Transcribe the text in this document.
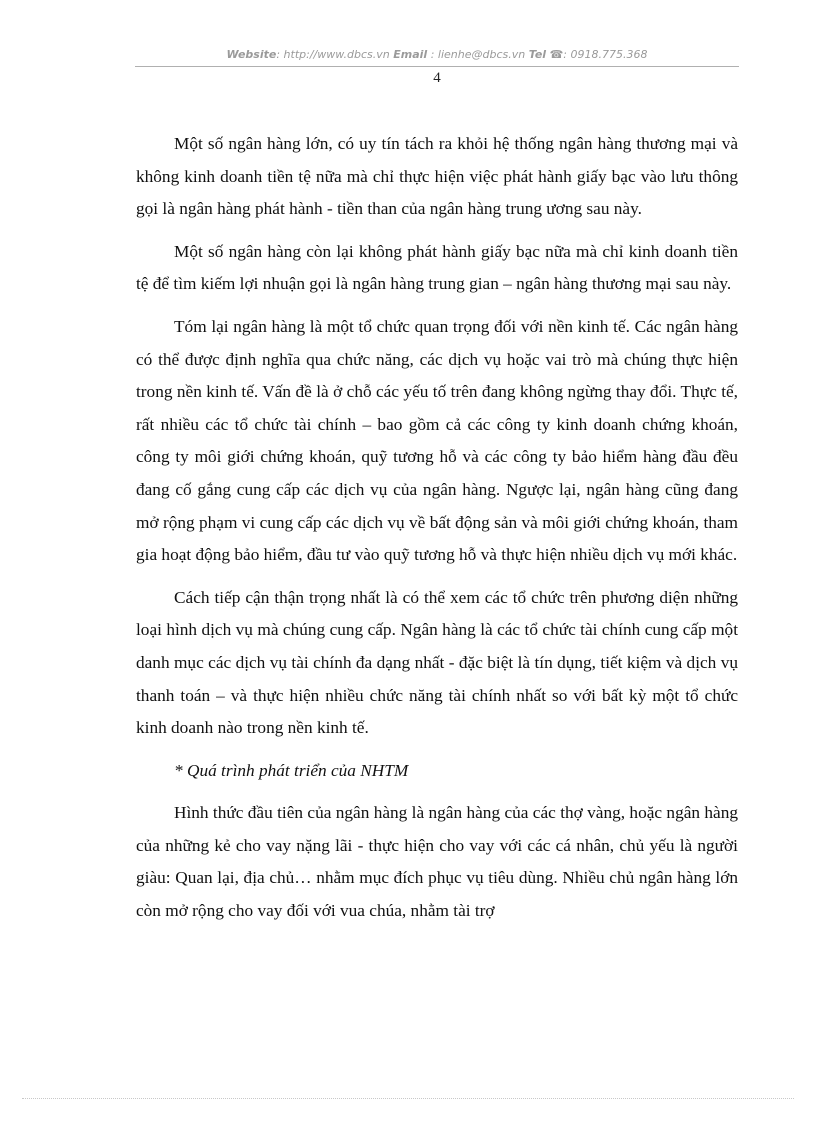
Website: http://www.dbcs.vn Email : lienhe@dbcs.vn Tel ☎: 0918.775.368
4

Một số ngân hàng lớn, có uy tín tách ra khỏi hệ thống ngân hàng thương mại và không kinh doanh tiền tệ nữa mà chỉ thực hiện việc phát hành giấy bạc vào lưu thông gọi là ngân hàng phát hành - tiền than của ngân hàng trung ương sau này.

Một số ngân hàng còn lại không phát hành giấy bạc nữa mà chỉ kinh doanh tiền tệ để tìm kiếm lợi nhuận gọi là ngân hàng trung gian – ngân hàng thương mại sau này.

Tóm lại ngân hàng là một tổ chức quan trọng đối với nền kinh tế. Các ngân hàng có thể được định nghĩa qua chức năng, các dịch vụ hoặc vai trò mà chúng thực hiện trong nền kinh tế. Vấn đề là ở chỗ các yếu tố trên đang không ngừng thay đổi. Thực tế, rất nhiều các tổ chức tài chính – bao gồm cả các công ty kinh doanh chứng khoán, công ty môi giới chứng khoán, quỹ tương hỗ và các công ty bảo hiểm hàng đầu đều đang cố gắng cung cấp các dịch vụ của ngân hàng. Ngược lại, ngân hàng cũng đang mở rộng phạm vi cung cấp các dịch vụ về bất động sản và môi giới chứng khoán, tham gia hoạt động bảo hiểm, đầu tư vào quỹ tương hỗ và thực hiện nhiều dịch vụ mới khác.

Cách tiếp cận thận trọng nhất là có thể xem các tổ chức trên phương diện những loại hình dịch vụ mà chúng cung cấp. Ngân hàng là các tổ chức tài chính cung cấp một danh mục các dịch vụ tài chính đa dạng nhất - đặc biệt là tín dụng, tiết kiệm và dịch vụ thanh toán – và thực hiện nhiều chức năng tài chính nhất so với bất kỳ một tổ chức kinh doanh nào trong nền kinh tế.

* Quá trình phát triển của NHTM

Hình thức đầu tiên của ngân hàng là ngân hàng của các thợ vàng, hoặc ngân hàng của những kẻ cho vay nặng lãi - thực hiện cho vay với các cá nhân, chủ yếu là người giàu: Quan lại, địa chủ… nhằm mục đích phục vụ tiêu dùng. Nhiều chủ ngân hàng lớn còn mở rộng cho vay đối với vua chúa, nhằm tài trợ
